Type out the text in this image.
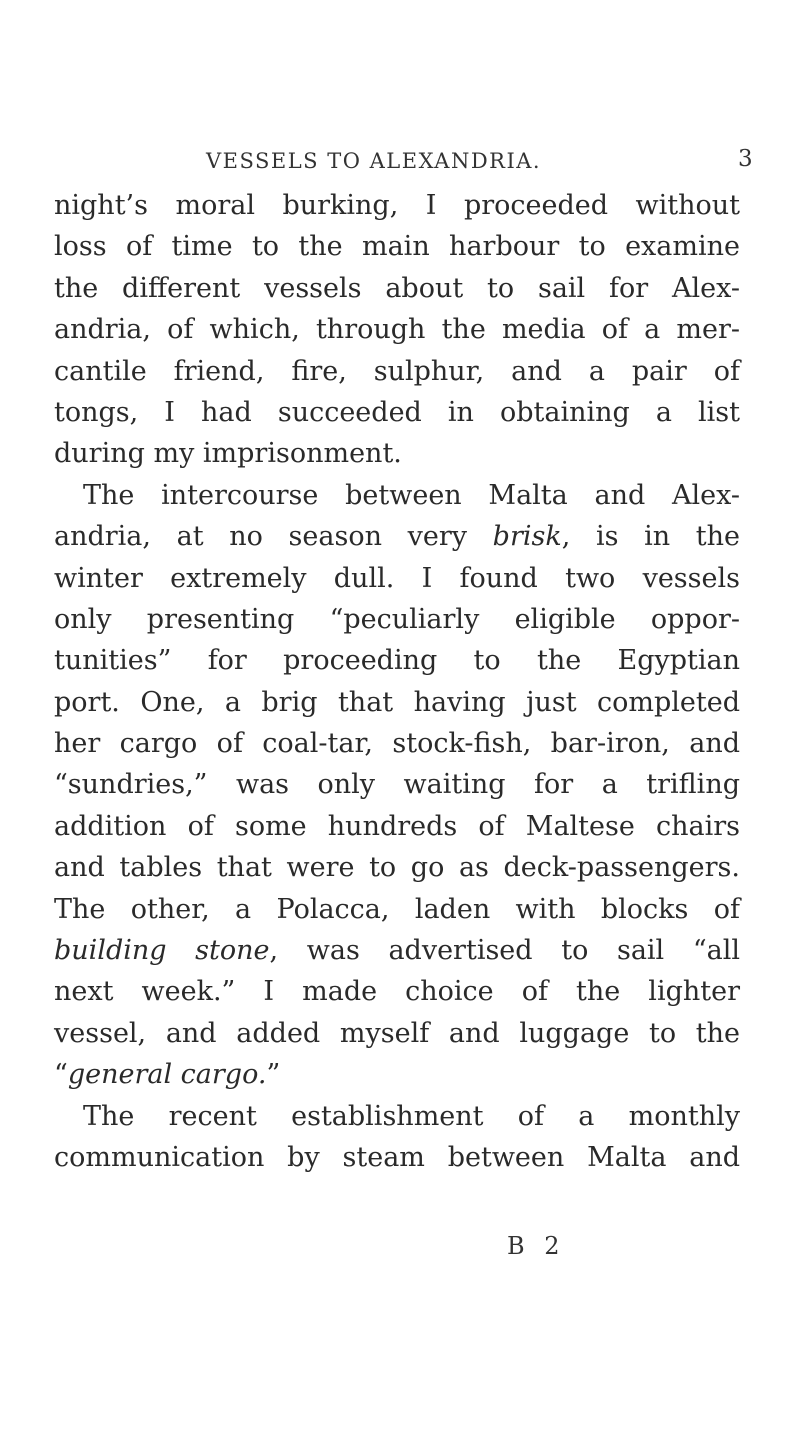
VESSELS TO ALEXANDRIA.	3
night’s moral burking, I proceeded without
loss of time to the main harbour to examine
the different vessels about to sail for Alex-
andria, of which, through the media of a mer-
cantile friend, fire, sulphur, and a pair of
tongs, I had succeeded in obtaining a list
during my imprisonment.
The intercourse between Malta and Alex-
andria, at no season very brisk, is in the
winter extremely dull. I found two vessels
only presenting “peculiarly eligible oppor-
tunities” for proceeding to the Egyptian
port. One, a brig that having just completed
her cargo of coal-tar, stock-fish, bar-iron, and
“sundries,” was only waiting for a trifling
addition of some hundreds of Maltese chairs
and tables that were to go as deck-passengers.
The other, a Polacca, laden with blocks of
building stone, was advertised to sail “all
next week.” I made choice of the lighter
vessel, and added myself and luggage to the
“general cargo.”
The recent establishment of a monthly
communication by steam between Malta and
B 2
